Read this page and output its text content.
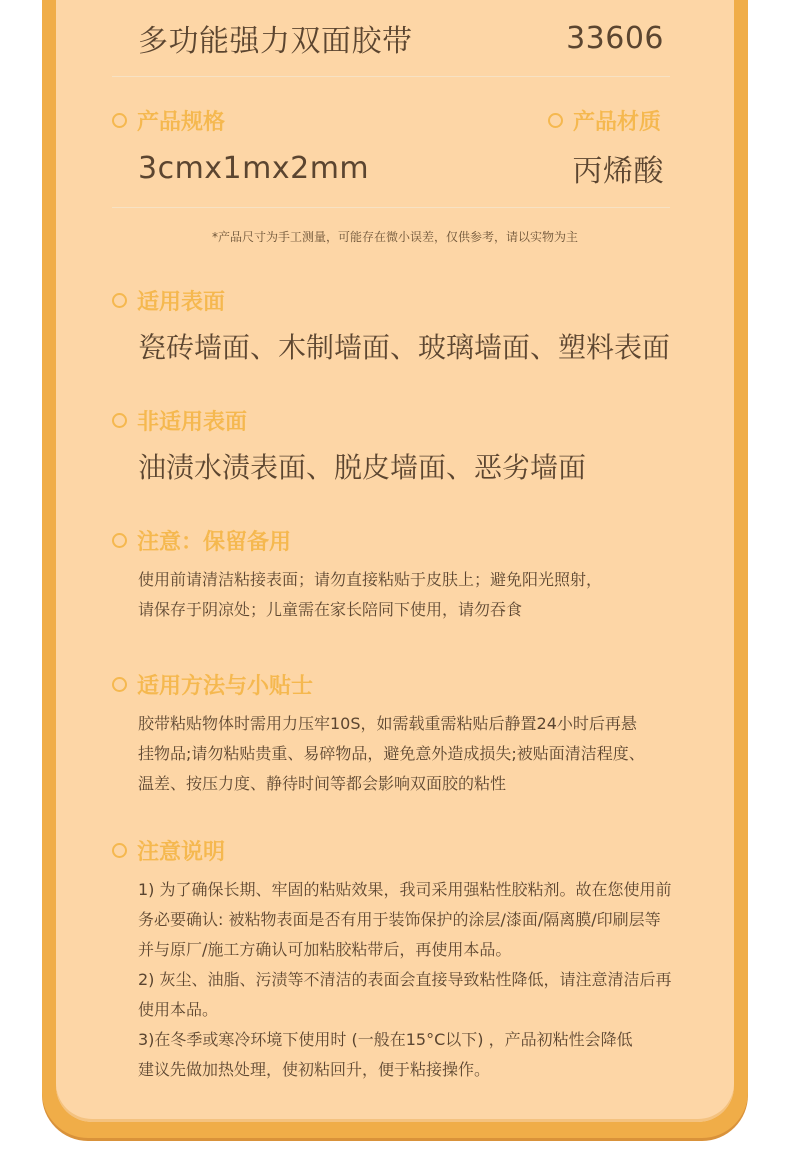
多功能强力双面胶带	33606
产品规格	产品材质
3cmx1mx2mm	丙烯酸
*产品尺寸为手工测量，可能存在微小误差，仅供参考，请以实物为主
适用表面
瓷砖墙面、木制墙面、玻璃墙面、塑料表面
非适用表面
油渍水渍表面、脱皮墙面、恶劣墙面
注意：保留备用
使用前请清洁粘接表面；请勿直接粘贴于皮肤上；避免阳光照射，
请保存于阴凉处；儿童需在家长陪同下使用，请勿吞食
适用方法与小贴士
胶带粘贴物体时需用力压牢10S，如需载重需粘贴后静置24小时后再悬
挂物品;请勿粘贴贵重、易碎物品，避免意外造成损失;被贴面清洁程度、
温差、按压力度、静待时间等都会影响双面胶的粘性
注意说明
1) 为了确保长期、牢固的粘贴效果，我司采用强粘性胶粘剂。故在您使用前
务必要确认: 被粘物表面是否有用于装饰保护的涂层/漆面/隔离膜/印刷层等
并与原厂/施工方确认可加粘胶粘带后，再使用本品。
2) 灰尘、油脂、污渍等不清洁的表面会直接导致粘性降低，请注意清洁后再
使用本品。
3)在冬季或寒冷环境下使用时 (一般在15°C以下) ，产品初粘性会降低
建议先做加热处理，使初粘回升，便于粘接操作。
